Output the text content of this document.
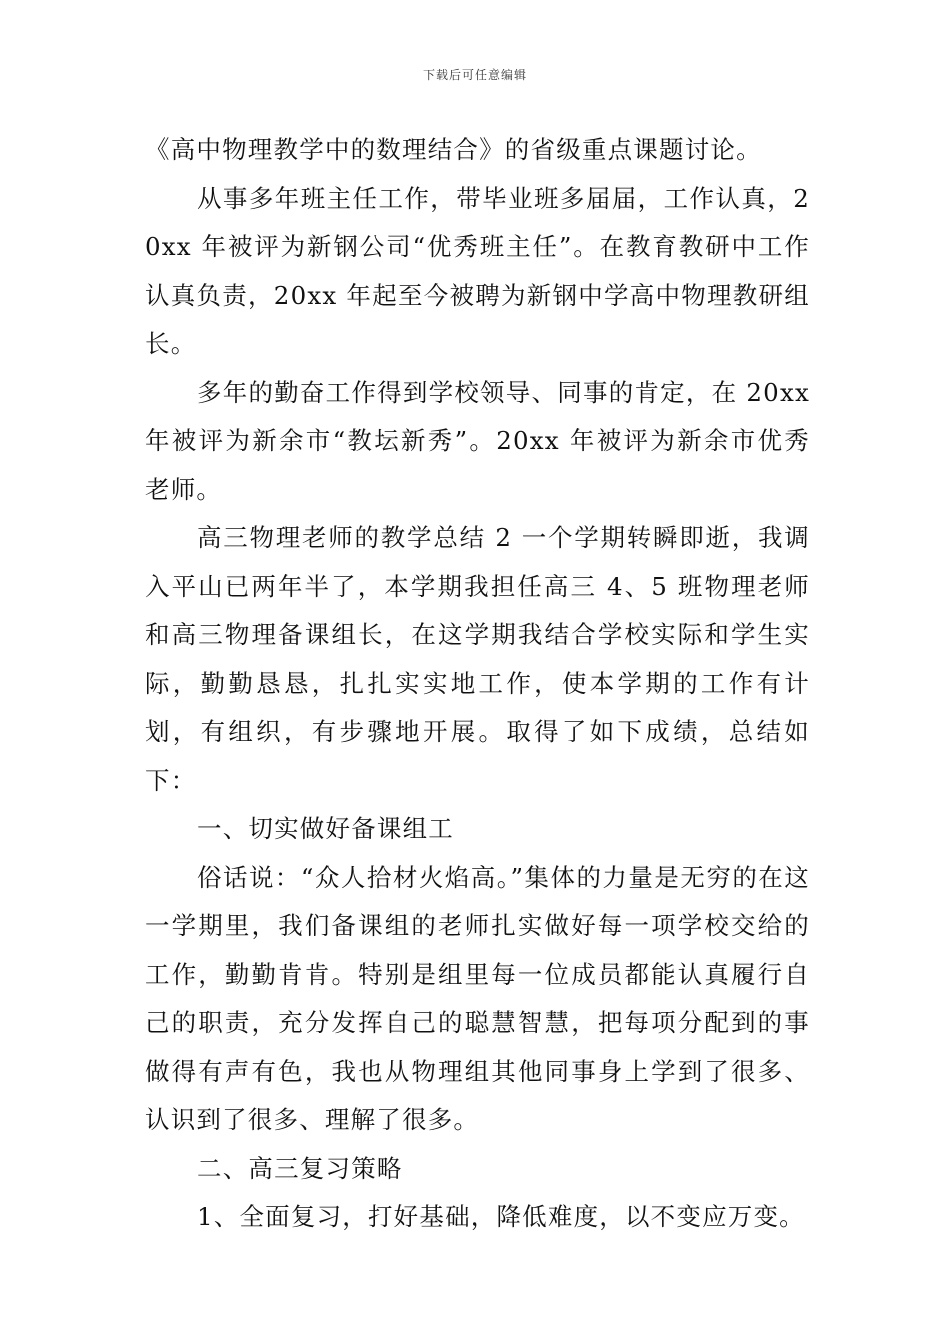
下载后可任意编辑

《高中物理教学中的数理结合》的省级重点课题讨论。

从事多年班主任工作，带毕业班多届届，工作认真，20xx 年被评为新钢公司“优秀班主任”。在教育教研中工作认真负责，20xx 年起至今被聘为新钢中学高中物理教研组长。

多年的勤奋工作得到学校领导、同事的肯定，在 20xx 年被评为新余市“教坛新秀”。20xx 年被评为新余市优秀老师。

高三物理老师的教学总结 2 一个学期转瞬即逝，我调入平山已两年半了，本学期我担任高三 4、5 班物理老师和高三物理备课组长，在这学期我结合学校实际和学生实际，勤勤恳恳，扎扎实实地工作，使本学期的工作有计划，有组织，有步骤地开展。取得了如下成绩，总结如下：

一、切实做好备课组工

俗话说：“众人拾材火焰高。”集体的力量是无穷的在这一学期里，我们备课组的老师扎实做好每一项学校交给的工作，勤勤肯肯。特别是组里每一位成员都能认真履行自己的职责，充分发挥自己的聪慧智慧，把每项分配到的事做得有声有色，我也从物理组其他同事身上学到了很多、认识到了很多、理解了很多。

二、高三复习策略

1、全面复习，打好基础，降低难度，以不变应万变。
